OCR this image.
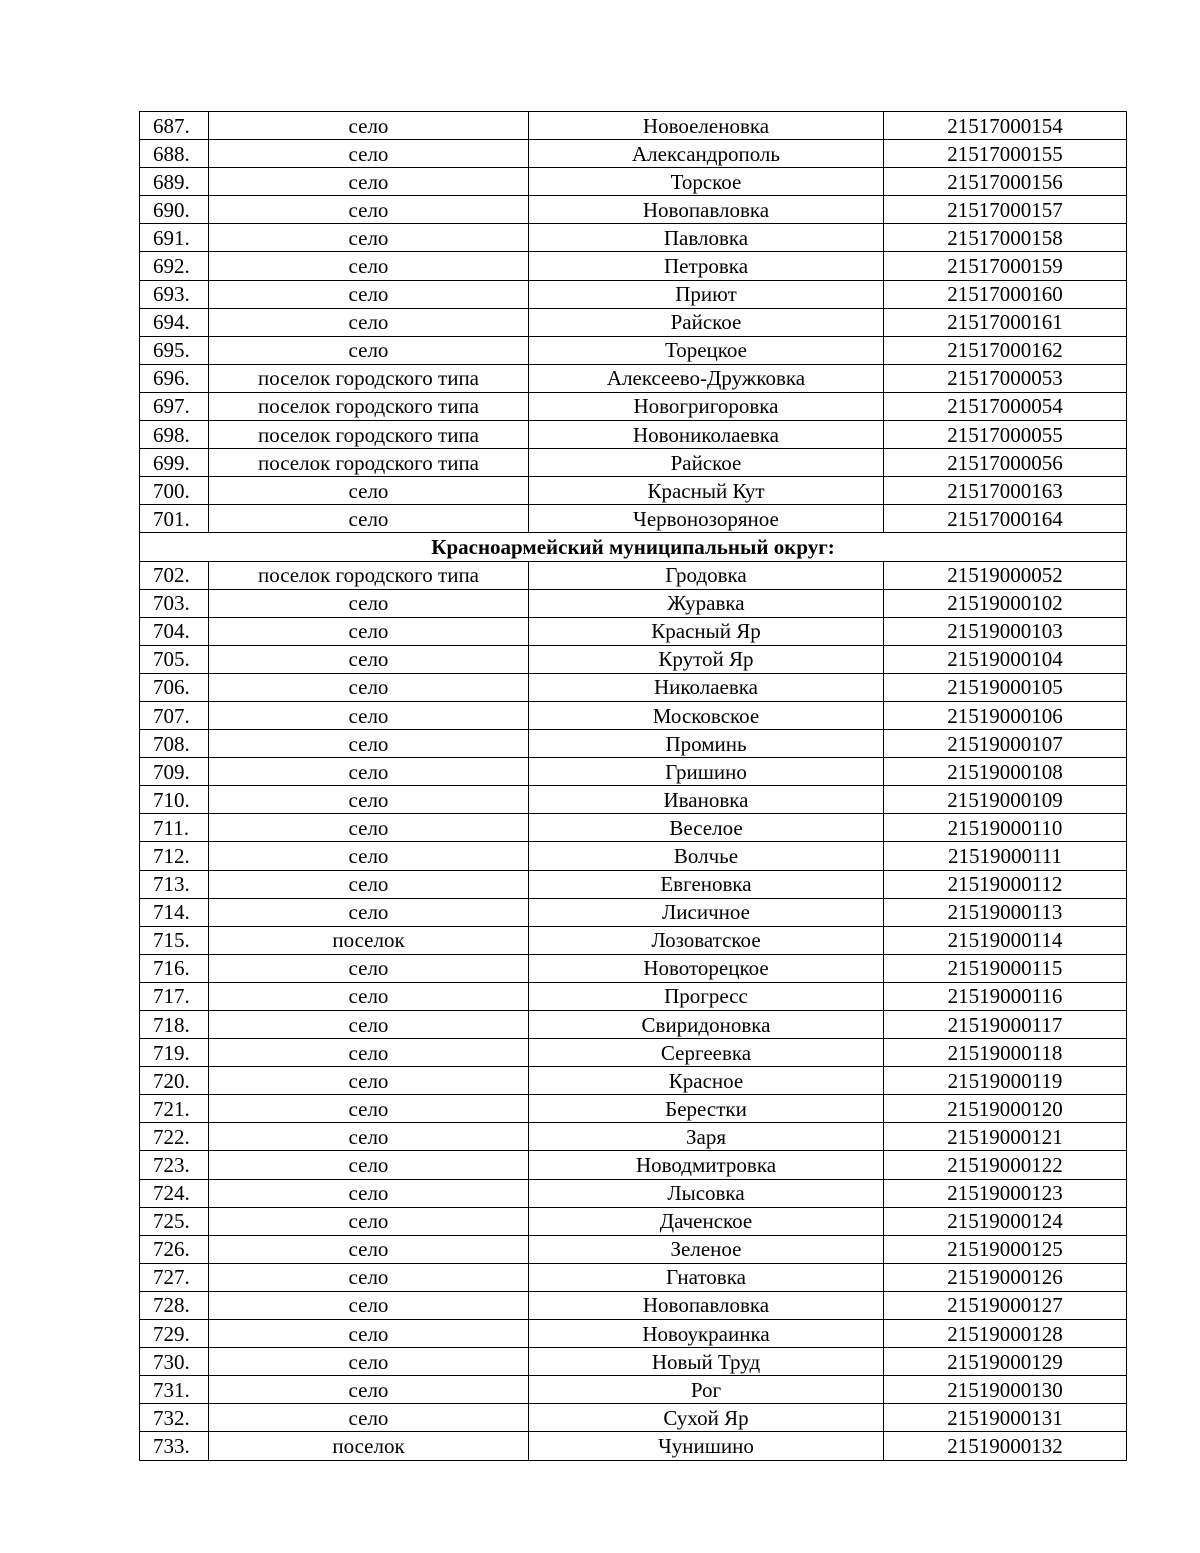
687.	село	Новоеленовка	21517000154
688.	село	Александрополь	21517000155
689.	село	Торское	21517000156
690.	село	Новопавловка	21517000157
691.	село	Павловка	21517000158
692.	село	Петровка	21517000159
693.	село	Приют	21517000160
694.	село	Райское	21517000161
695.	село	Торецкое	21517000162
696.	поселок городского типа	Алексеево-Дружковка	21517000053
697.	поселок городского типа	Новогригоровка	21517000054
698.	поселок городского типа	Новониколаевка	21517000055
699.	поселок городского типа	Райское	21517000056
700.	село	Красный Кут	21517000163
701.	село	Червонозоряное	21517000164
Красноармейский муниципальный округ:			
702.	поселок городского типа	Гродовка	21519000052
703.	село	Журавка	21519000102
704.	село	Красный Яр	21519000103
705.	село	Крутой Яр	21519000104
706.	село	Николаевка	21519000105
707.	село	Московское	21519000106
708.	село	Проминь	21519000107
709.	село	Гришино	21519000108
710.	село	Ивановка	21519000109
711.	село	Веселое	21519000110
712.	село	Волчье	21519000111
713.	село	Евгеновка	21519000112
714.	село	Лисичное	21519000113
715.	поселок	Лозоватское	21519000114
716.	село	Новоторецкое	21519000115
717.	село	Прогресс	21519000116
718.	село	Свиридоновка	21519000117
719.	село	Сергеевка	21519000118
720.	село	Красное	21519000119
721.	село	Берестки	21519000120
722.	село	Заря	21519000121
723.	село	Новодмитровка	21519000122
724.	село	Лысовка	21519000123
725.	село	Даченское	21519000124
726.	село	Зеленое	21519000125
727.	село	Гнатовка	21519000126
728.	село	Новопавловка	21519000127
729.	село	Новоукраинка	21519000128
730.	село	Новый Труд	21519000129
731.	село	Рог	21519000130
732.	село	Сухой Яр	21519000131
733.	поселок	Чунишино	21519000132
